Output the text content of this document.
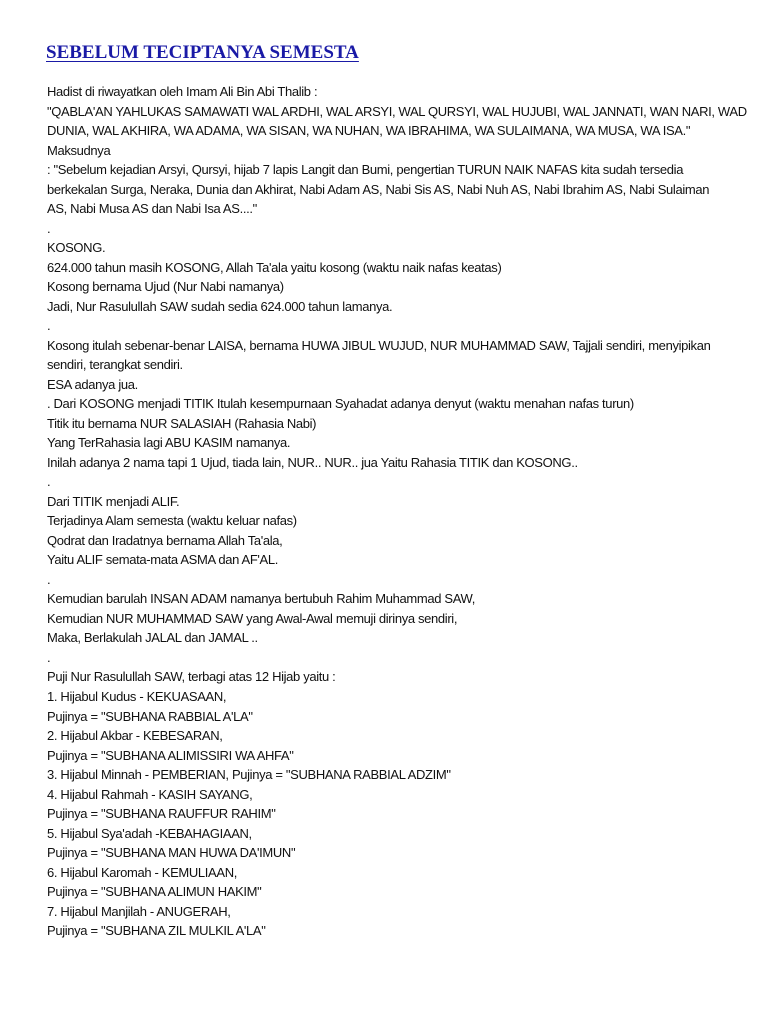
SEBELUM TECIPTANYA SEMESTA
Hadist di riwayatkan oleh Imam Ali Bin Abi Thalib :
"QABLA'AN YAHLUKAS SAMAWATI WAL ARDHI, WAL ARSYI, WAL QURSYI, WAL HUJUBI, WAL JANNATI, WAN NARI, WAD
DUNIA, WAL AKHIRA, WA ADAMA, WA SISAN, WA NUHAN, WA IBRAHIMA, WA SULAIMANA, WA MUSA, WA ISA."
Maksudnya
: "Sebelum kejadian Arsyi, Qursyi, hijab 7 lapis Langit dan Bumi, pengertian TURUN NAIK NAFAS kita sudah tersedia
berkekalan Surga, Neraka, Dunia dan Akhirat, Nabi Adam AS, Nabi Sis AS, Nabi Nuh AS, Nabi Ibrahim AS, Nabi Sulaiman
AS, Nabi Musa AS dan Nabi Isa AS...."
.
KOSONG.
624.000 tahun masih KOSONG, Allah Ta'ala yaitu kosong (waktu naik nafas keatas)
Kosong bernama Ujud (Nur Nabi namanya)
Jadi, Nur Rasulullah SAW sudah sedia 624.000 tahun lamanya.
.
Kosong itulah sebenar-benar LAISA, bernama HUWA JIBUL WUJUD, NUR MUHAMMAD SAW, Tajjali sendiri, menyipikan
sendiri, terangkat sendiri.
ESA adanya jua.
. Dari KOSONG menjadi TITIK Itulah kesempurnaan Syahadat adanya denyut (waktu menahan nafas turun)
Titik itu bernama NUR SALASIAH (Rahasia Nabi)
Yang TerRahasia lagi ABU KASIM namanya.
Inilah adanya 2 nama tapi 1 Ujud, tiada lain, NUR.. NUR.. jua Yaitu Rahasia TITIK dan KOSONG..
.
Dari TITIK menjadi ALIF.
Terjadinya Alam semesta (waktu keluar nafas)
Qodrat dan Iradatnya bernama Allah Ta'ala,
Yaitu ALIF semata-mata ASMA dan AF'AL.
.
Kemudian barulah INSAN ADAM namanya bertubuh Rahim Muhammad SAW,
Kemudian NUR MUHAMMAD SAW yang Awal-Awal memuji dirinya sendiri,
Maka, Berlakulah JALAL dan JAMAL ..
.
Puji Nur Rasulullah SAW, terbagi atas 12 Hijab yaitu :
1. Hijabul Kudus - KEKUASAAN,
Pujinya = "SUBHANA RABBIAL A'LA"
2. Hijabul Akbar - KEBESARAN,
Pujinya = "SUBHANA ALIMISSIRI WA AHFA"
3. Hijabul Minnah - PEMBERIAN, Pujinya = "SUBHANA RABBIAL ADZIM"
4. Hijabul Rahmah - KASIH SAYANG,
Pujinya = "SUBHANA RAUFFUR RAHIM"
5. Hijabul Sya'adah -KEBAHAGIAAN,
Pujinya = "SUBHANA MAN HUWA DA'IMUN"
6. Hijabul Karomah - KEMULIAAN,
Pujinya = "SUBHANA ALIMUN HAKIM"
7. Hijabul Manjilah - ANUGERAH,
Pujinya = "SUBHANA ZIL MULKIL A'LA"
